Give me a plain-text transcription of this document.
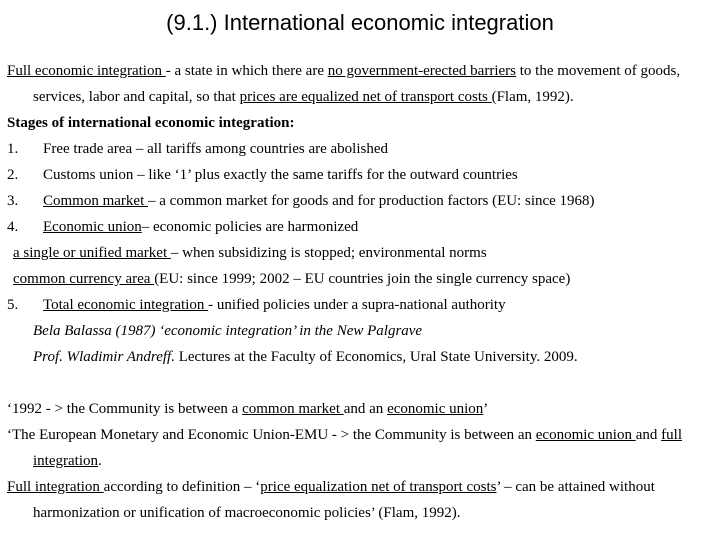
(9.1.) International economic integration

Full economic integration - a state in which there are no government-erected barriers to the movement of goods, services, labor and capital, so that prices are equalized net of transport costs (Flam, 1992).

Stages of international economic integration:

1. Free trade area – all tariffs among countries are abolished

2. Customs union – like ‘1’ plus exactly the same tariffs for the outward countries

3. Common market – a common market for goods and for production factors (EU: since 1968)

4. Economic union– economic policies are harmonized

a single or unified market – when subsidizing is stopped; environmental norms

common currency area (EU: since 1999; 2002 – EU countries join the single currency space)

5. Total economic integration - unified policies under a supra-national authority

Bela Balassa (1987) ‘economic integration’ in the New Palgrave

Prof. Wladimir Andreff. Lectures at the Faculty of Economics, Ural State University. 2009.

‘1992 - > the Community is between a common market and an economic union’

‘The European Monetary and Economic Union-EMU - > the Community is between an economic union and full integration.

Full integration according to definition – ‘price equalization net of transport costs’ – can be attained without harmonization or unification of macroeconomic policies’ (Flam, 1992).
